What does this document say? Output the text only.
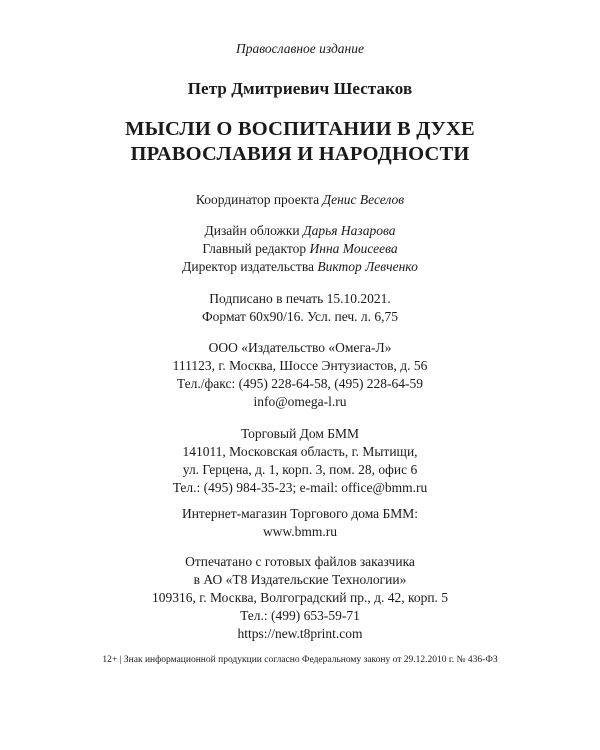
Православное издание
Петр Дмитриевич Шестаков
МЫСЛИ О ВОСПИТАНИИ В ДУХЕ
ПРАВОСЛАВИЯ И НАРОДНОСТИ
Координатор проекта Денис Веселов
Дизайн обложки Дарья Назарова
Главный редактор Инна Моисеева
Директор издательства Виктор Левченко
Подписано в печать 15.10.2021.
Формат 60х90/16. Усл. печ. л. 6,75
ООО «Издательство «Омега-Л»
111123, г. Москва, Шоссе Энтузиастов, д. 56
Тел./факс: (495) 228-64-58, (495) 228-64-59
info@omega-l.ru
Торговый Дом БММ
141011, Московская область, г. Мытищи,
ул. Герцена, д. 1, корп. 3, пом. 28, офис 6
Тел.: (495) 984-35-23; e-mail: office@bmm.ru
Интернет-магазин Торгового дома БММ:
www.bmm.ru
Отпечатано с готовых файлов заказчика
в АО «Т8 Издательские Технологии»
109316, г. Москва, Волгоградский пр., д. 42, корп. 5
Тел.: (499) 653-59-71
https://new.t8print.com
12+ | Знак информационной продукции согласно Федеральному закону от 29.12.2010 г. № 436-ФЗ
